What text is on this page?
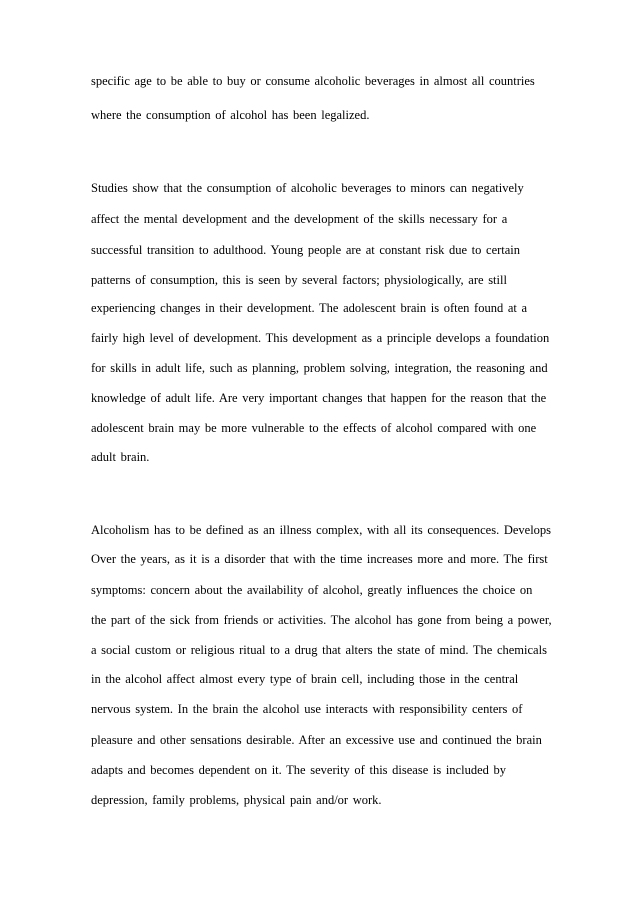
specific age to be able to buy or consume alcoholic beverages in almost all countries

where the consumption of alcohol has been legalized.

Studies show that the consumption of alcoholic beverages to minors can negatively

affect the mental development and the development of the skills necessary for a

successful transition to adulthood. Young people are at constant risk due to certain

patterns of consumption, this is seen by several factors; physiologically, are still

experiencing changes in their development. The adolescent brain is often found at a

fairly high level of development. This development as a principle develops a foundation

for skills in adult life, such as planning, problem solving, integration, the reasoning and

knowledge of adult life. Are very important changes that happen for the reason that the

adolescent brain may be more vulnerable to the effects of alcohol compared with one

adult brain.

Alcoholism has to be defined as an illness complex, with all its consequences. Develops

Over the years, as it is a disorder that with the time increases more and more. The first

symptoms: concern about the availability of alcohol, greatly influences the choice on

the part of the sick from friends or activities. The alcohol has gone from being a power,

a social custom or religious ritual to a drug that alters the state of mind. The chemicals

in the alcohol affect almost every type of brain cell, including those in the central

nervous system. In the brain the alcohol use interacts with responsibility centers of

pleasure and other sensations desirable. After an excessive use and continued the brain

adapts and becomes dependent on it. The severity of this disease is included by

depression, family problems, physical pain and/or work.
